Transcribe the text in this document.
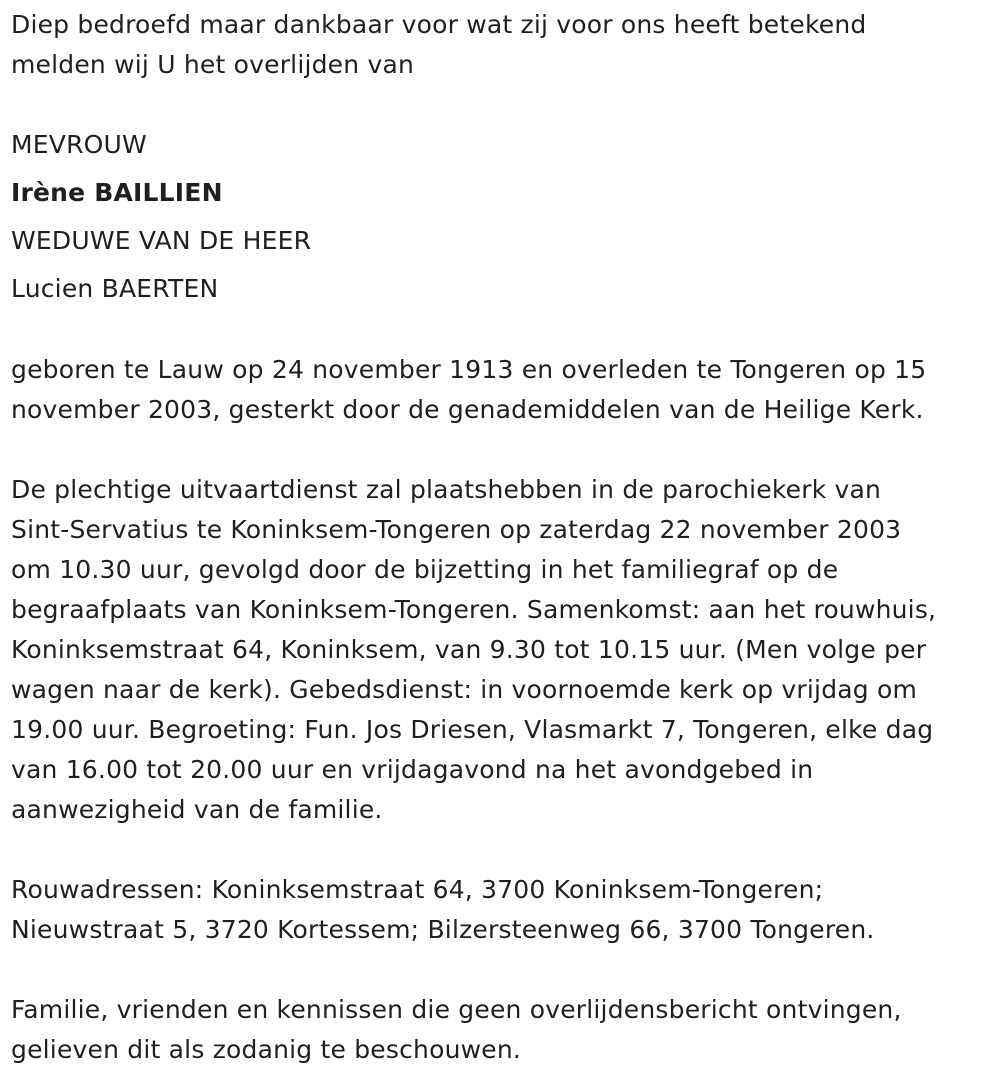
Diep bedroefd maar dankbaar voor wat zij voor ons heeft betekend
melden wij U het overlijden van
MEVROUW
Irène BAILLIEN
WEDUWE VAN DE HEER
Lucien BAERTEN
geboren te Lauw op 24 november 1913 en overleden te Tongeren op 15
november 2003, gesterkt door de genademiddelen van de Heilige Kerk.
De plechtige uitvaartdienst zal plaatshebben in de parochiekerk van
Sint-Servatius te Koninksem-Tongeren op zaterdag 22 november 2003
om 10.30 uur, gevolgd door de bijzetting in het familiegraf op de
begraafplaats van Koninksem-Tongeren. Samenkomst: aan het rouwhuis,
Koninksemstraat 64, Koninksem, van 9.30 tot 10.15 uur. (Men volge per
wagen naar de kerk). Gebedsdienst: in voornoemde kerk op vrijdag om
19.00 uur. Begroeting: Fun. Jos Driesen, Vlasmarkt 7, Tongeren, elke dag
van 16.00 tot 20.00 uur en vrijdagavond na het avondgebed in
aanwezigheid van de familie.
Rouwadressen: Koninksemstraat 64, 3700 Koninksem-Tongeren;
Nieuwstraat 5, 3720 Kortessem; Bilzersteenweg 66, 3700 Tongeren.
Familie, vrienden en kennissen die geen overlijdensbericht ontvingen,
gelieven dit als zodanig te beschouwen.
